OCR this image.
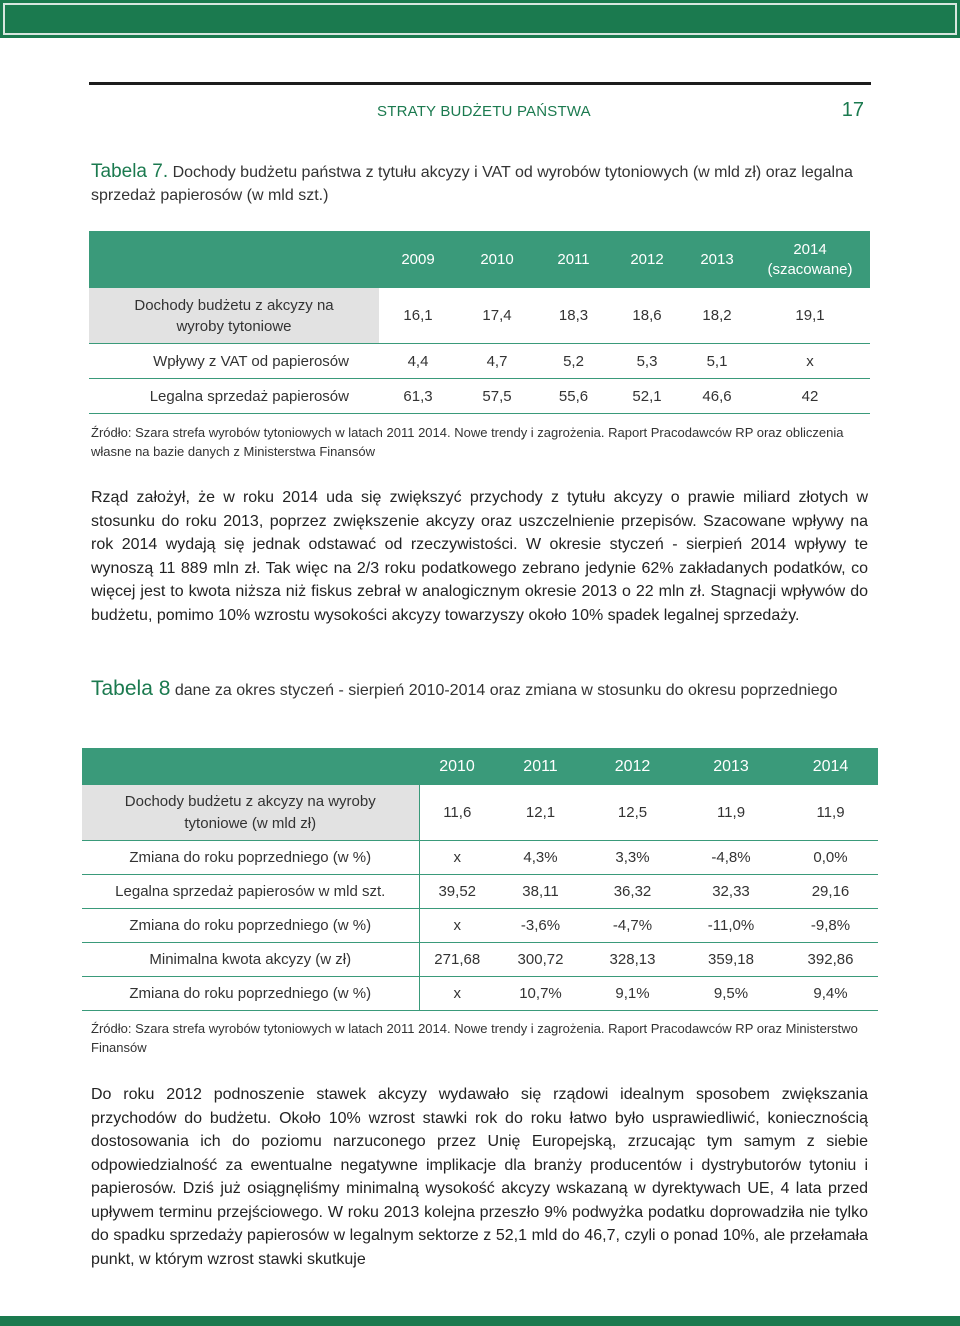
STRATY BUDŻETU PAŃSTWA	17
Tabela 7. Dochody budżetu państwa z tytułu akcyzy i VAT od wyrobów tytoniowych (w mld zł) oraz legalna sprzedaż papierosów (w mld szt.)
	2009	2010	2011	2012	2013	2014 (szacowane)
Dochody budżetu z akcyzy na wyroby tytoniowe	16,1	17,4	18,3	18,6	18,2	19,1
Wpływy z VAT od papierosów	4,4	4,7	5,2	5,3	5,1	x
Legalna sprzedaż papierosów	61,3	57,5	55,6	52,1	46,6	42
Źródło: Szara strefa wyrobów tytoniowych w latach 2011 2014. Nowe trendy i zagrożenia. Raport Pracodawców RP oraz obliczenia własne na bazie danych z Ministerstwa Finansów
Rząd założył, że w roku 2014 uda się zwiększyć przychody z tytułu akcyzy o prawie miliard złotych w stosunku do roku 2013, poprzez zwiększenie akcyzy oraz uszczelnienie przepisów. Szacowane wpływy na rok 2014 wydają się jednak odstawać od rzeczywistości. W okresie styczeń - sierpień 2014 wpływy te wynoszą 11 889 mln zł. Tak więc na 2/3 roku podatkowego zebrano jedynie 62% zakładanych podatków, co więcej jest to kwota niższa niż fiskus zebrał w analogicznym okresie 2013 o 22 mln zł. Stagnacji wpływów do budżetu, pomimo 10% wzrostu wysokości akcyzy towarzyszy około 10% spadek legalnej sprzedaży.
Tabela 8 dane za okres styczeń - sierpień 2010-2014 oraz zmiana w stosunku do okresu poprzedniego
	2010	2011	2012	2013	2014
Dochody budżetu z akcyzy na wyroby tytoniowe (w mld zł)	11,6	12,1	12,5	11,9	11,9
Zmiana do roku poprzedniego (w %)	x	4,3%	3,3%	-4,8%	0,0%
Legalna sprzedaż papierosów w mld szt.	39,52	38,11	36,32	32,33	29,16
Zmiana do roku poprzedniego (w %)	x	-3,6%	-4,7%	-11,0%	-9,8%
Minimalna kwota akcyzy (w zł)	271,68	300,72	328,13	359,18	392,86
Zmiana do roku poprzedniego (w %)	x	10,7%	9,1%	9,5%	9,4%
Źródło: Szara strefa wyrobów tytoniowych w latach 2011 2014. Nowe trendy i zagrożenia. Raport Pracodawców RP oraz Ministerstwo Finansów
Do roku 2012 podnoszenie stawek akcyzy wydawało się rządowi idealnym sposobem zwiększania przychodów do budżetu. Około 10% wzrost stawki rok do roku łatwo było usprawiedliwić, koniecznością dostosowania ich do poziomu narzuconego przez Unię Europejską, zrzucając tym samym z siebie odpowiedzialność za ewentualne negatywne implikacje dla branży producentów i dystrybutorów tytoniu i papierosów. Dziś już osiągnęliśmy minimalną wysokość akcyzy wskazaną w dyrektywach UE, 4 lata przed upływem terminu przejściowego. W roku 2013 kolejna przeszło 9% podwyżka podatku doprowadziła nie tylko do spadku sprzedaży papierosów w legalnym sektorze z 52,1 mld do 46,7, czyli o ponad 10%, ale przełamała punkt, w którym wzrost stawki skutkuje
